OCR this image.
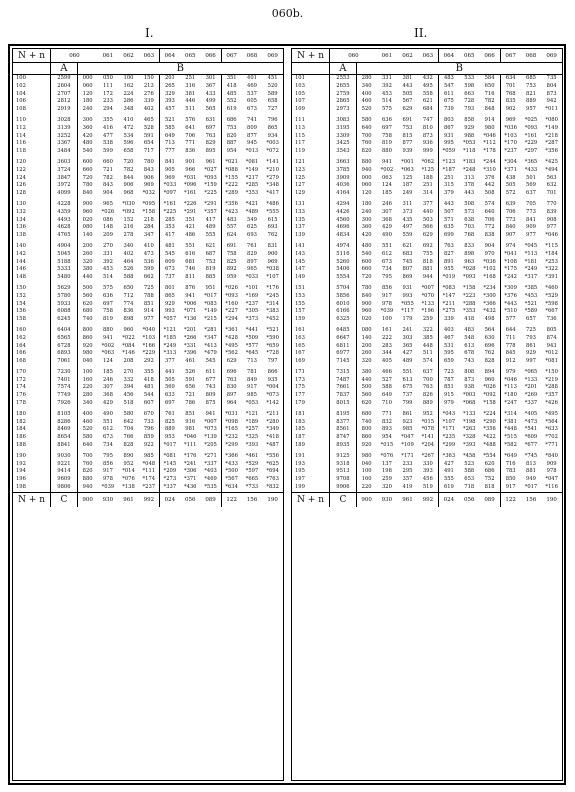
060b.
I.	II.
N + n	060		061	062	063	064	065	066	067	068	069
	A	B									
100	2599	000	050	100	150	201	251	301	351	401	451
102	2604	060	111	162	213	265	316	367	418	469	520
104	2707	120	172	224	276	329	381	433	485	537	589
106	2812	180	233	286	339	393	446	499	552	605	658
108	2919	240	294	348	402	457	511	565	619	673	727
110	3028	300	355	410	465	521	576	631	686	741	796
112	3139	360	416	472	528	585	641	697	753	809	865
114	3252	420	477	534	591	649	706	763	820	877	934
116	3367	480	538	596	654	713	771	829	887	945	*003
118	3484	540	599	658	717	777	836	895	954	*013	*072
120	3603	600	660	720	780	841	901	961	*021	*081	*141
122	3724	660	721	782	843	905	966	*027	*088	*149	*210
124	3847	720	782	844	906	969	*031	*093	*155	*217	*279
126	3972	780	843	906	969	*033	*096	*159	*222	*285	*348
128	4099	840	904	968	*032	*097	*161	*225	*289	*353	*417
130	4228	900	965	*030	*095	*161	*226	*291	*356	*421	*486
132	4359	960	*026	*092	*158	*225	*291	*357	*423	*489	*555
134	4493	020	086	152	218	285	351	417	483	549	615
136	4628	080	148	216	284	353	421	489	557	625	693
138	4765	140	209	278	347	417	486	555	624	693	762
140	4904	200	270	340	410	481	551	621	691	761	831
142	5045	260	331	402	473	545	616	687	758	829	900
144	5188	320	392	464	536	609	681	753	825	897	969
146	5333	380	453	526	599	673	746	819	892	965	*038
148	5480	440	514	588	662	737	811	885	959	*033	*107
150	5629	500	575	650	725	801	876	951	*026	*101	*176
152	5780	560	636	712	788	865	941	*017	*093	*169	*245
154	5933	620	697	774	851	929	*006	*083	*160	*237	*314
156	6088	680	758	836	914	993	*071	*149	*227	*305	*383
158	6245	740	819	898	977	*057	*136	*215	*294	*373	*452
160	6404	800	880	960	*040	*121	*201	*281	*361	*441	*521
162	6565	860	941	*022	*103	*185	*266	*347	*428	*509	*590
164	6728	920	*002	*084	*166	*249	*331	*413	*495	*577	*659
166	6893	980	*063	*146	*229	*313	*396	*479	*562	*645	*728
168	7061	040	124	208	292	377	461	545	629	713	797
170	7230	100	185	270	355	441	526	611	696	781	866
172	7401	160	246	332	418	505	591	677	763	849	935
174	7574	220	307	394	481	569	656	743	830	917	*004
176	7749	280	368	456	544	633	721	809	897	985	*073
178	7926	340	429	518	607	697	786	875	964	*053	*142
180	8105	400	490	580	670	761	851	941	*031	*121	*211
182	8286	460	551	642	733	825	916	*007	*098	*189	*280
184	8469	520	612	704	796	889	981	*073	*165	*257	*349
186	8654	580	673	766	859	953	*046	*139	*232	*325	*418
188	8841	640	734	828	922	*017	*111	*205	*299	*393	*487
190	9030	700	795	890	985	*081	*176	*271	*366	*461	*556
192	9221	760	856	952	*048	*145	*241	*337	*433	*529	*625
194	9414	820	917	*014	*111	*209	*306	*403	*500	*597	*694
196	9609	880	978	*076	*174	*273	*371	*469	*567	*665	*763
198	9806	940	*039	*138	*237	*337	*436	*535	*634	*733	*832
N + n	C	900	930	961	992	024	056	089	122	156	190
N + n	060		061	062	063	064	065	066	067	068	069
	A	B									
101	2553	280	331	381	432	483	533	584	634	685	735
103	2655	340	392	443	495	547	598	650	701	753	804
105	2759	400	453	505	558	611	663	716	768	821	873
107	2865	460	514	567	621	675	728	782	835	889	942
109	2973	520	575	629	684	739	793	848	902	957	*011
111	3083	580	636	691	747	803	858	914	969	*025	*080
113	3195	640	697	753	810	867	929	980	*036	*093	*149
115	3309	700	758	815	873	931	988	*046	*103	*161	*218
117	3425	760	819	877	936	995	*053	*112	*170	*229	*287
119	3543	820	880	939	999	*059	*118	*178	*237	*297	*356
121	3663	880	941	*001	*062	*123	*183	*244	*304	*365	*425
123	3785	940	*002	*063	*125	*187	*248	*310	*371	*433	*494
125	3909	000	063	125	188	251	313	376	438	501	563
127	4036	060	124	187	251	315	378	442	505	569	632
129	4164	120	185	249	314	379	443	508	572	637	701
131	4294	180	246	311	377	443	508	574	639	705	770
133	4426	240	307	373	440	507	573	640	706	773	839
135	4560	300	368	435	503	571	638	706	773	841	908
137	4696	360	429	497	566	635	703	772	840	909	977
139	4834	420	490	559	629	699	768	838	907	977	*046
141	4974	480	551	621	692	763	833	904	974	*045	*115
143	5116	540	612	683	755	827	898	970	*041	*113	*184
145	5260	600	673	745	818	891	963	*036	*108	*181	*253
147	5406	660	734	807	881	955	*028	*102	*175	*249	*322
149	5554	720	795	869	944	*019	*093	*168	*242	*317	*391
151	5704	780	856	931	*007	*083	*158	*234	*309	*385	*460
153	5856	840	917	993	*070	*147	*223	*300	*376	*453	*529
155	6010	900	978	*055	*133	*211	*288	*366	*443	*521	*598
157	6166	960	*039	*117	*196	*275	*353	*432	*510	*589	*667
159	6325	020	100	179	259	339	418	498	577	657	736
161	6485	080	161	241	322	403	483	564	644	725	805
163	6647	140	222	303	385	467	548	630	711	793	874
165	6811	200	283	365	448	531	613	696	778	861	943
167	6977	260	344	427	511	595	678	762	845	929	*012
169	7145	320	405	489	574	659	743	828	912	997	*081
171	7315	380	466	551	637	723	808	894	979	*065	*150
173	7487	440	527	613	700	787	873	960	*046	*133	*219
175	7661	500	588	675	763	851	938	*026	*113	*201	*288
177	7837	560	649	737	826	915	*003	*092	*180	*269	*357
179	8015	620	710	799	889	979	*068	*158	*247	*337	*426
181	8195	680	771	861	952	*043	*133	*224	*314	*405	*495
183	8377	740	832	923	*015	*107	*198	*290	*381	*473	*564
185	8561	800	893	985	*078	*171	*263	*356	*448	*541	*633
187	8747	860	954	*047	*141	*235	*328	*422	*515	*609	*702
189	8935	920	*015	*109	*204	*299	*393	*488	*582	*677	*771
191	9125	980	*076	*171	*267	*363	*458	*554	*649	*745	*840
193	9318	040	137	233	330	427	523	620	716	813	909
195	9513	100	198	295	393	491	588	686	783	881	978
197	9708	160	259	357	456	555	653	752	850	949	*047
199	9906	220	320	419	519	619	718	818	917	*017	*116
N + n	C	900	930	961	992	024	056	089	122	156	190
